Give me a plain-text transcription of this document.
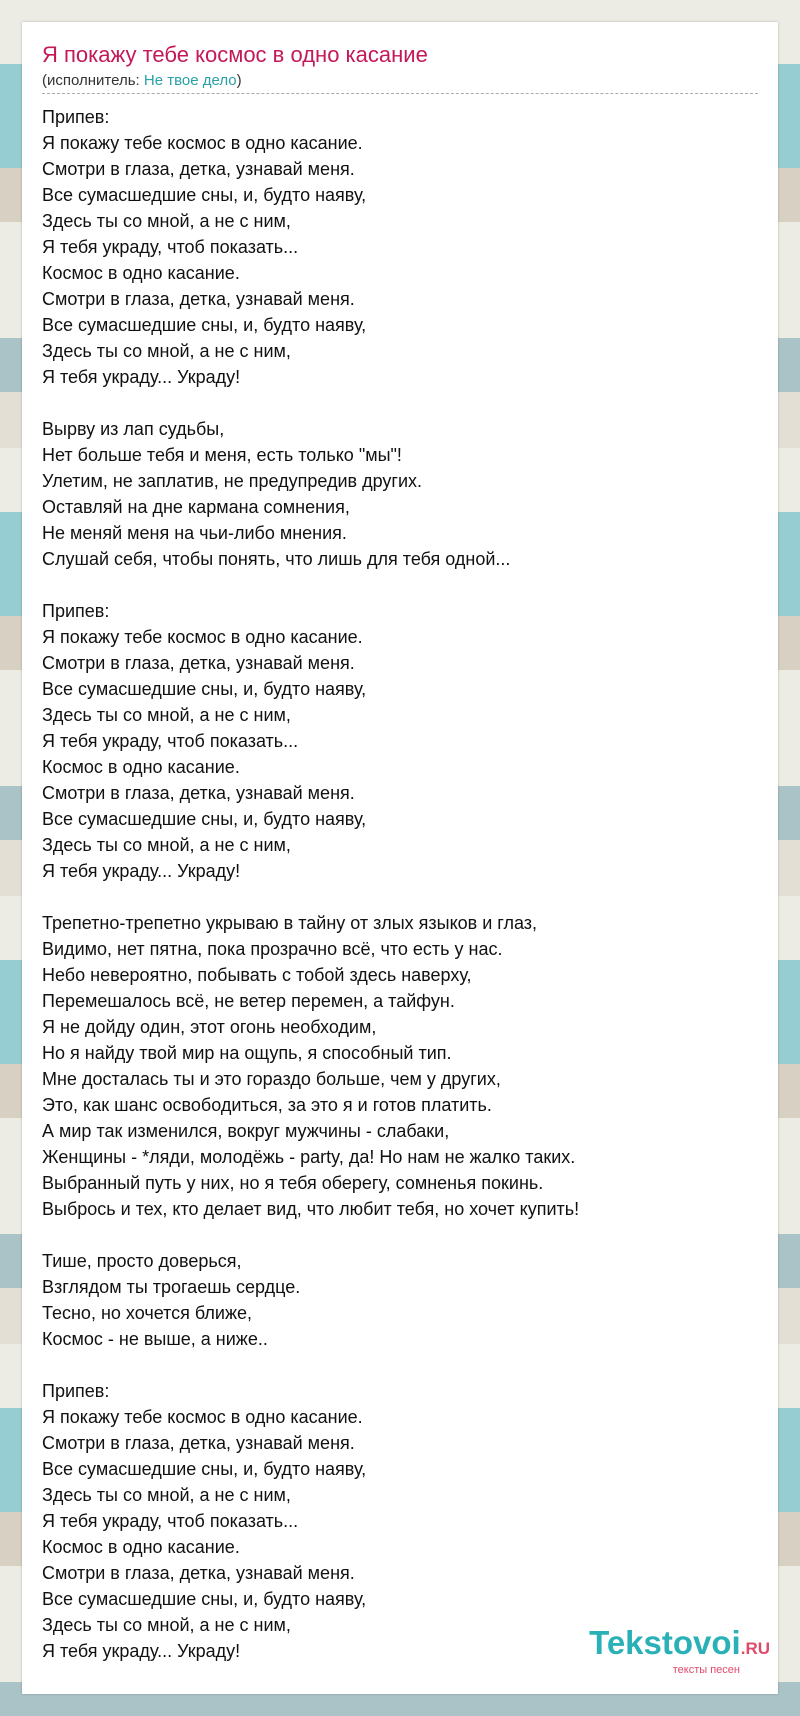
Я покажу тебе космос в одно касание
(исполнитель: Не твое дело)
Припев:
Я покажу тебе космос в одно касание.
Смотри в глаза, детка, узнавай меня.
Все сумасшедшие сны, и, будто наяву,
Здесь ты со мной, а не с ним,
Я тебя украду, чтоб показать...
Космос в одно касание.
Смотри в глаза, детка, узнавай меня.
Все сумасшедшие сны, и, будто наяву,
Здесь ты со мной, а не с ним,
Я тебя украду... Украду!
Вырву из лап судьбы,
Нет больше тебя и меня, есть только "мы"!
Улетим, не заплатив, не предупредив других.
Оставляй на дне кармана сомнения,
Не меняй меня на чьи-либо мнения.
Слушай себя, чтобы понять, что лишь для тебя одной...
Припев:
Я покажу тебе космос в одно касание.
Смотри в глаза, детка, узнавай меня.
Все сумасшедшие сны, и, будто наяву,
Здесь ты со мной, а не с ним,
Я тебя украду, чтоб показать...
Космос в одно касание.
Смотри в глаза, детка, узнавай меня.
Все сумасшедшие сны, и, будто наяву,
Здесь ты со мной, а не с ним,
Я тебя украду... Украду!
Трепетно-трепетно укрываю в тайну от злых языков и глаз,
Видимо, нет пятна, пока прозрачно всё, что есть у нас.
Небо невероятно, побывать с тобой здесь наверху,
Перемешалось всё, не ветер перемен, а тайфун.
Я не дойду один, этот огонь необходим,
Но я найду твой мир на ощупь, я способный тип.
Мне досталась ты и это гораздо больше, чем у других,
Это, как шанс освободиться, за это я и готов платить.
А мир так изменился, вокруг мужчины - слабаки,
Женщины - *ляди, молодёжь - party, да! Но нам не жалко таких.
Выбранный путь у них, но я тебя оберегу, сомненья покинь.
Выбрось и тех, кто делает вид, что любит тебя, но хочет купить!
Тише, просто доверься,
Взглядом ты трогаешь сердце.
Тесно, но хочется ближе,
Космос - не выше, а ниже..
Припев:
Я покажу тебе космос в одно касание.
Смотри в глаза, детка, узнавай меня.
Все сумасшедшие сны, и, будто наяву,
Здесь ты со мной, а не с ним,
Я тебя украду, чтоб показать...
Космос в одно касание.
Смотри в глаза, детка, узнавай меня.
Все сумасшедшие сны, и, будто наяву,
Здесь ты со мной, а не с ним,
Я тебя украду... Украду!	Tekstovoi.RU
тексты песен
